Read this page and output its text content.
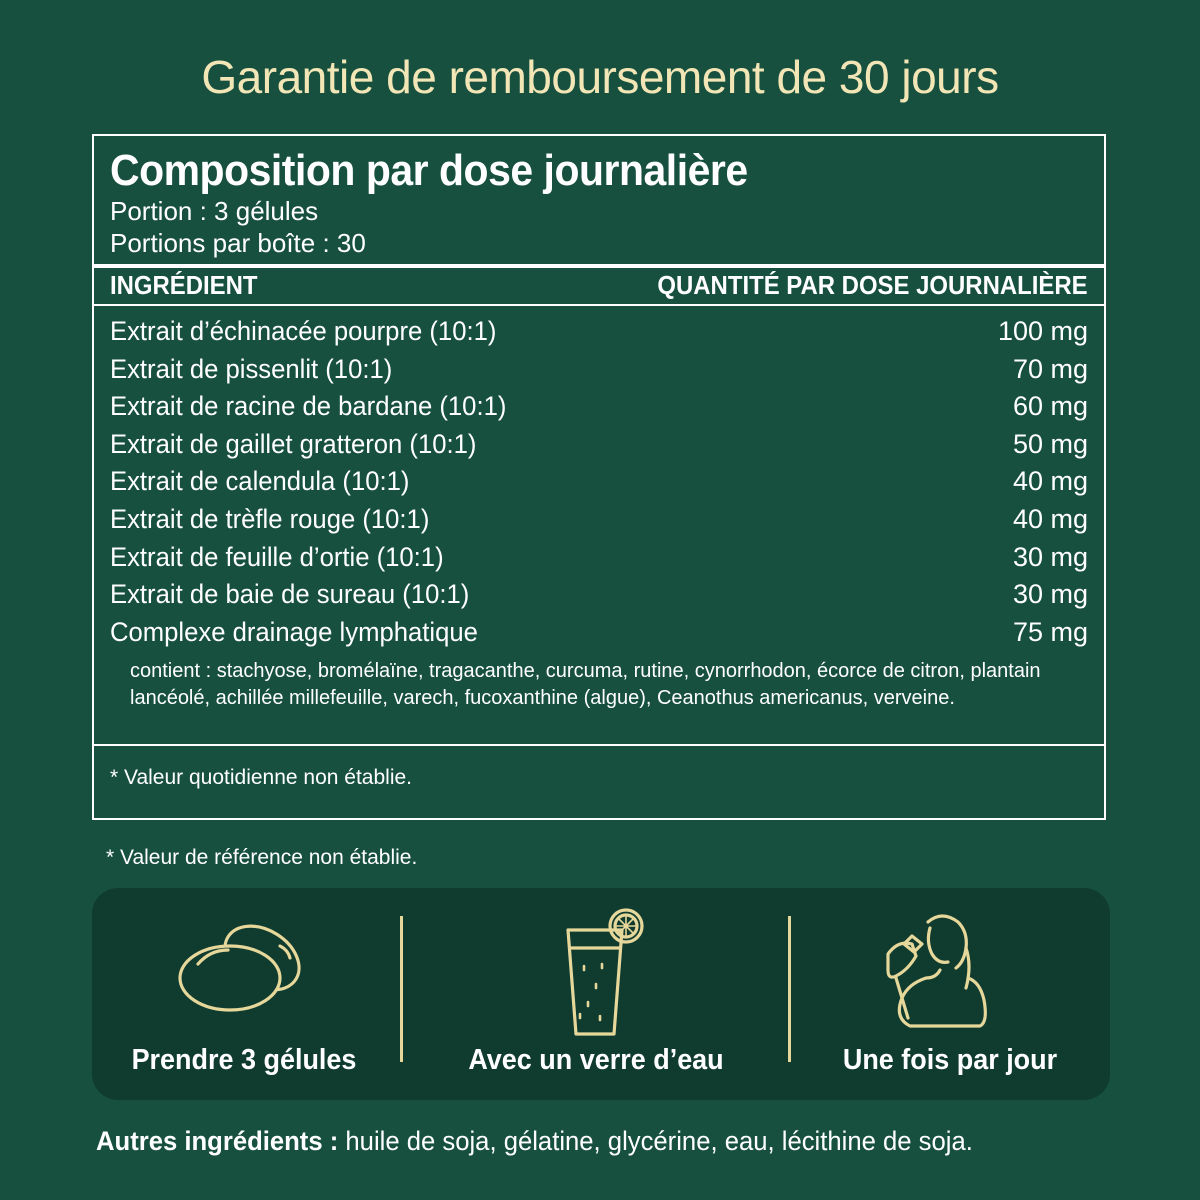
Garantie de remboursement de 30 jours
Composition par dose journalière
Portion : 3 gélules
Portions par boîte : 30
INGRÉDIENT	QUANTITÉ PAR DOSE JOURNALIÈRE
Extrait d’échinacée pourpre (10:1)	100 mg
Extrait de pissenlit (10:1)	70 mg
Extrait de racine de bardane (10:1)	60 mg
Extrait de gaillet gratteron (10:1)	50 mg
Extrait de calendula (10:1)	40 mg
Extrait de trèfle rouge (10:1)	40 mg
Extrait de feuille d’ortie (10:1)	30 mg
Extrait de baie de sureau (10:1)	30 mg
Complexe drainage lymphatique	75 mg
contient : stachyose, bromélaïne, tragacanthe, curcuma, rutine, cynorrhodon, écorce de citron, plantain lancéolé, achillée millefeuille, varech, fucoxanthine (algue), Ceanothus americanus, verveine.
* Valeur quotidienne non établie.
* Valeur de référence non établie.
Prendre 3 gélules	Avec un verre d’eau	Une fois par jour
Autres ingrédients : huile de soja, gélatine, glycérine, eau, lécithine de soja.
